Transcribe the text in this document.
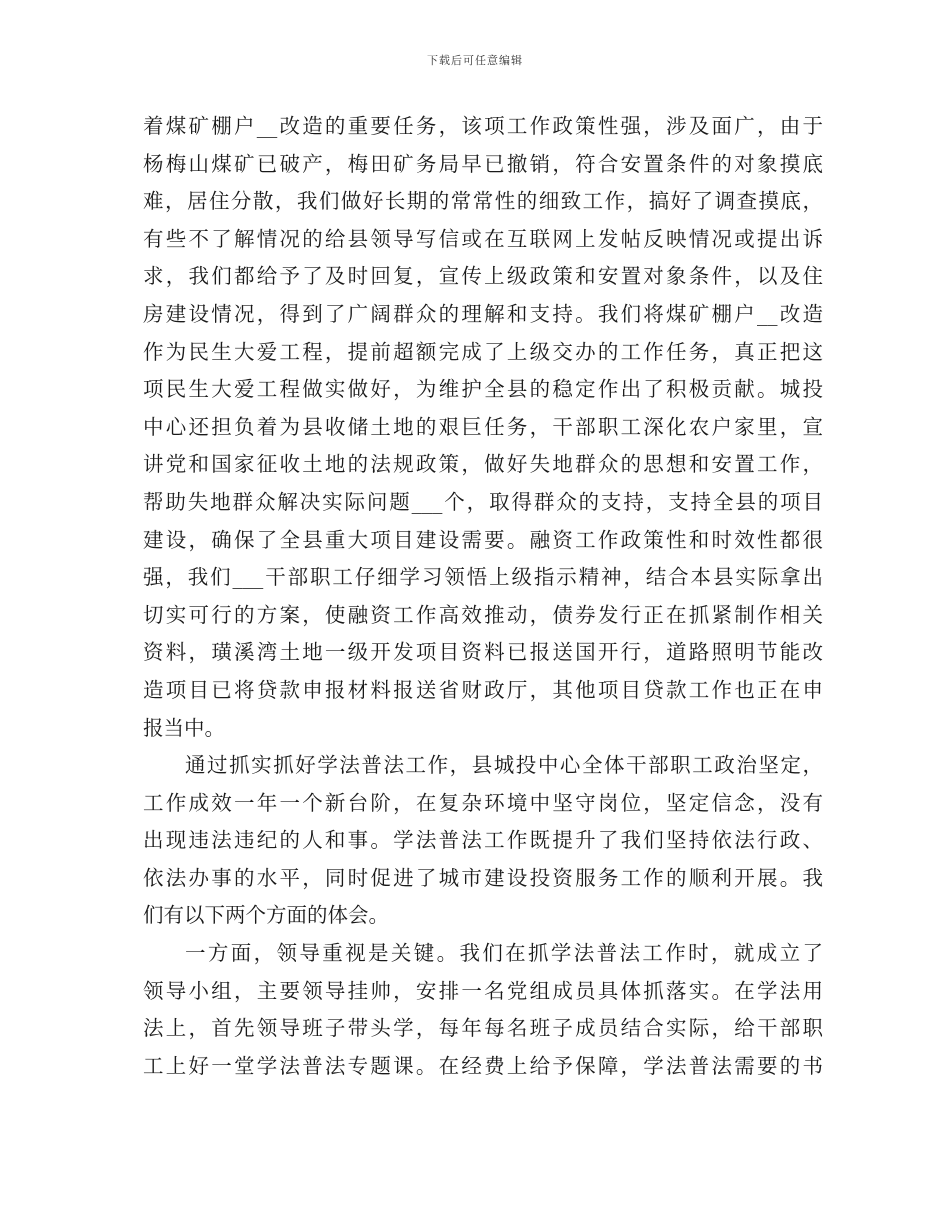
下载后可任意编辑
着煤矿棚户__改造的重要任务，该项工作政策性强，涉及面广，由于
杨梅山煤矿已破产，梅田矿务局早已撤销，符合安置条件的对象摸底
难，居住分散，我们做好长期的常常性的细致工作，搞好了调查摸底，
有些不了解情况的给县领导写信或在互联网上发帖反映情况或提出诉
求，我们都给予了及时回复，宣传上级政策和安置对象条件，以及住
房建设情况，得到了广阔群众的理解和支持。我们将煤矿棚户__改造
作为民生大爱工程，提前超额完成了上级交办的工作任务，真正把这
项民生大爱工程做实做好，为维护全县的稳定作出了积极贡献。城投
中心还担负着为县收储土地的艰巨任务，干部职工深化农户家里，宣
讲党和国家征收土地的法规政策，做好失地群众的思想和安置工作，
帮助失地群众解决实际问题___个，取得群众的支持，支持全县的项目
建设，确保了全县重大项目建设需要。融资工作政策性和时效性都很
强，我们___干部职工仔细学习领悟上级指示精神，结合本县实际拿出
切实可行的方案，使融资工作高效推动，债券发行正在抓紧制作相关
资料，璜溪湾土地一级开发项目资料已报送国开行，道路照明节能改
造项目已将贷款申报材料报送省财政厅，其他项目贷款工作也正在申
报当中。
通过抓实抓好学法普法工作，县城投中心全体干部职工政治坚定，
工作成效一年一个新台阶，在复杂环境中坚守岗位，坚定信念，没有
出现违法违纪的人和事。学法普法工作既提升了我们坚持依法行政、
依法办事的水平，同时促进了城市建设投资服务工作的顺利开展。我
们有以下两个方面的体会。
一方面，领导重视是关键。我们在抓学法普法工作时，就成立了
领导小组，主要领导挂帅，安排一名党组成员具体抓落实。在学法用
法上，首先领导班子带头学，每年每名班子成员结合实际，给干部职
工上好一堂学法普法专题课。在经费上给予保障，学法普法需要的书
